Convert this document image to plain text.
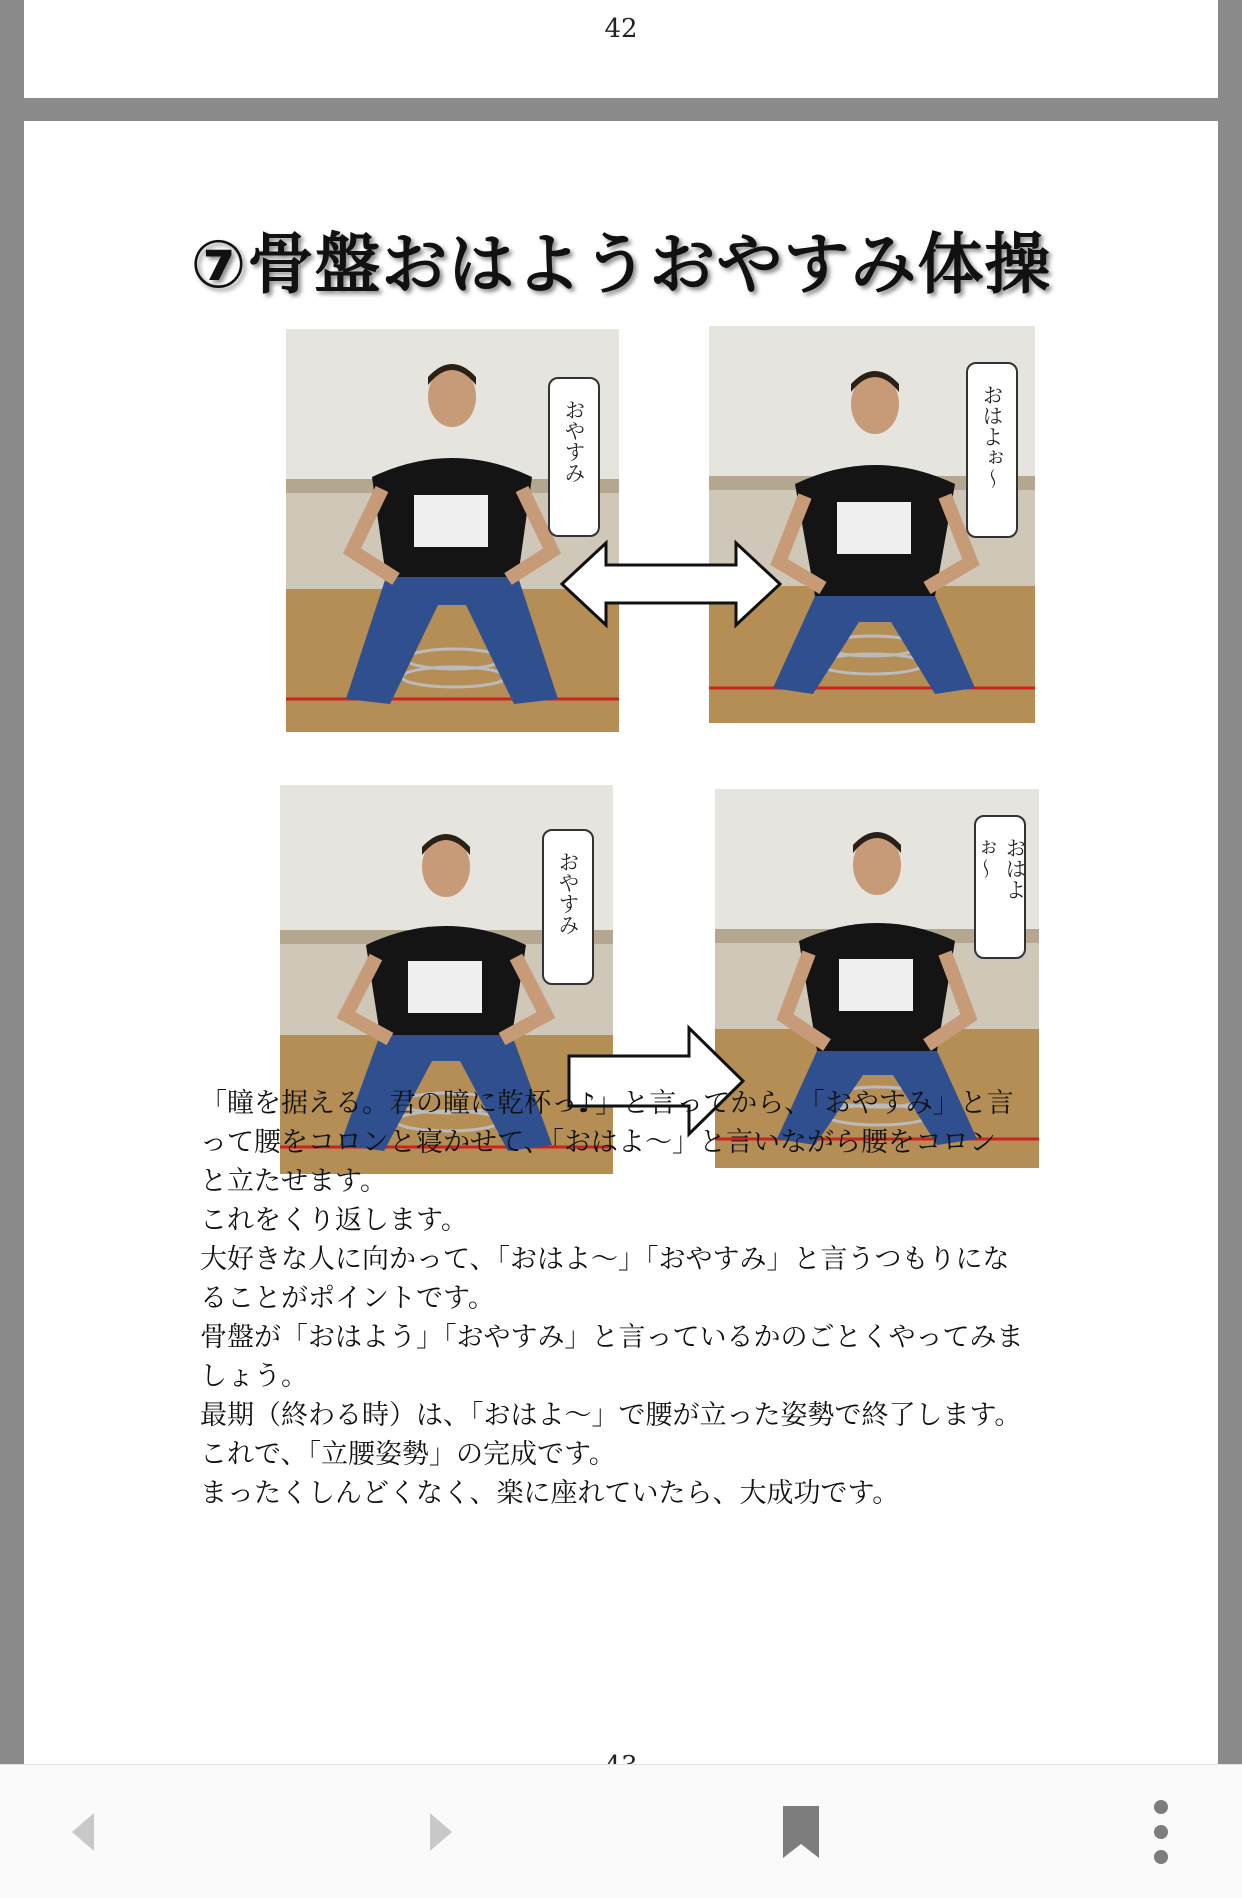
42
⑦骨盤おはようおやすみ体操
おやすみ	おはよぉ〜
おやすみ	おはよぉ〜

「瞳を据える。君の瞳に乾杯っ♪」と言ってから、「おやすみ」と言

って腰をコロンと寝かせて、「おはよ〜」と言いながら腰をコロン

と立たせます。

これをくり返します。

大好きな人に向かって、「おはよ〜」「おやすみ」と言うつもりにな

ることがポイントです。

骨盤が「おはよう」「おやすみ」と言っているかのごとくやってみま

しょう。

最期（終わる時）は、「おはよ〜」で腰が立った姿勢で終了します。

これで、「立腰姿勢」の完成です。

まったくしんどくなく、楽に座れていたら、大成功です。
